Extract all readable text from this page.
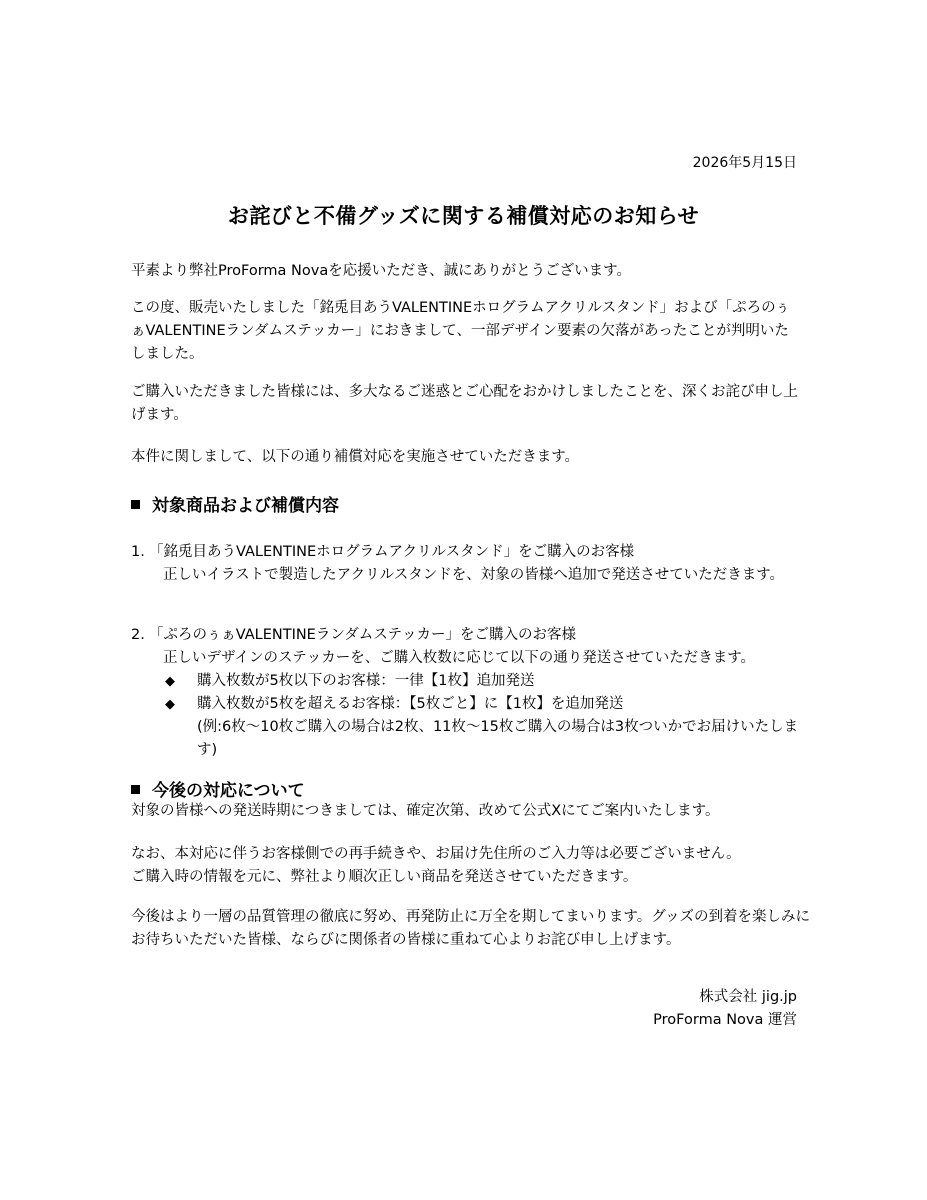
2026年5月15日
お詫びと不備グッズに関する補償対応のお知らせ
平素より弊社ProForma Novaを応援いただき、誠にありがとうございます。
この度、販売いたしました「銘兎目あうVALENTINEホログラムアクリルスタンド」および「ぷろのぅぁVALENTINEランダムステッカー」におきまして、一部デザイン要素の欠落があったことが判明いたしました。
ご購入いただきました皆様には、多大なるご迷惑とご心配をおかけしましたことを、深くお詫び申し上げます。
本件に関しまして、以下の通り補償対応を実施させていただきます。
対象商品および補償内容
1. 「銘兎目あうVALENTINEホログラムアクリルスタンド」をご購入のお客様
正しいイラストで製造したアクリルスタンドを、対象の皆様へ追加で発送させていただきます。
2. 「ぷろのぅぁVALENTINEランダムステッカー」をご購入のお客様
正しいデザインのステッカーを、ご購入枚数に応じて以下の通り発送させていただきます。
◆ 購入枚数が5枚以下のお客様：一律【1枚】追加発送
◆ 購入枚数が5枚を超えるお客様：【5枚ごと】に【1枚】を追加発送
(例:6枚～10枚ご購入の場合は2枚、11枚～15枚ご購入の場合は3枚ついかでお届けいたします)
今後の対応について
対象の皆様への発送時期につきましては、確定次第、改めて公式Xにてご案内いたします。
なお、本対応に伴うお客様側での再手続きや、お届け先住所のご入力等は必要ございません。
ご購入時の情報を元に、弊社より順次正しい商品を発送させていただきます。
今後はより一層の品質管理の徹底に努め、再発防止に万全を期してまいります。グッズの到着を楽しみにお待ちいただいた皆様、ならびに関係者の皆様に重ねて心よりお詫び申し上げます。
株式会社 jig.jp
ProForma Nova 運営
